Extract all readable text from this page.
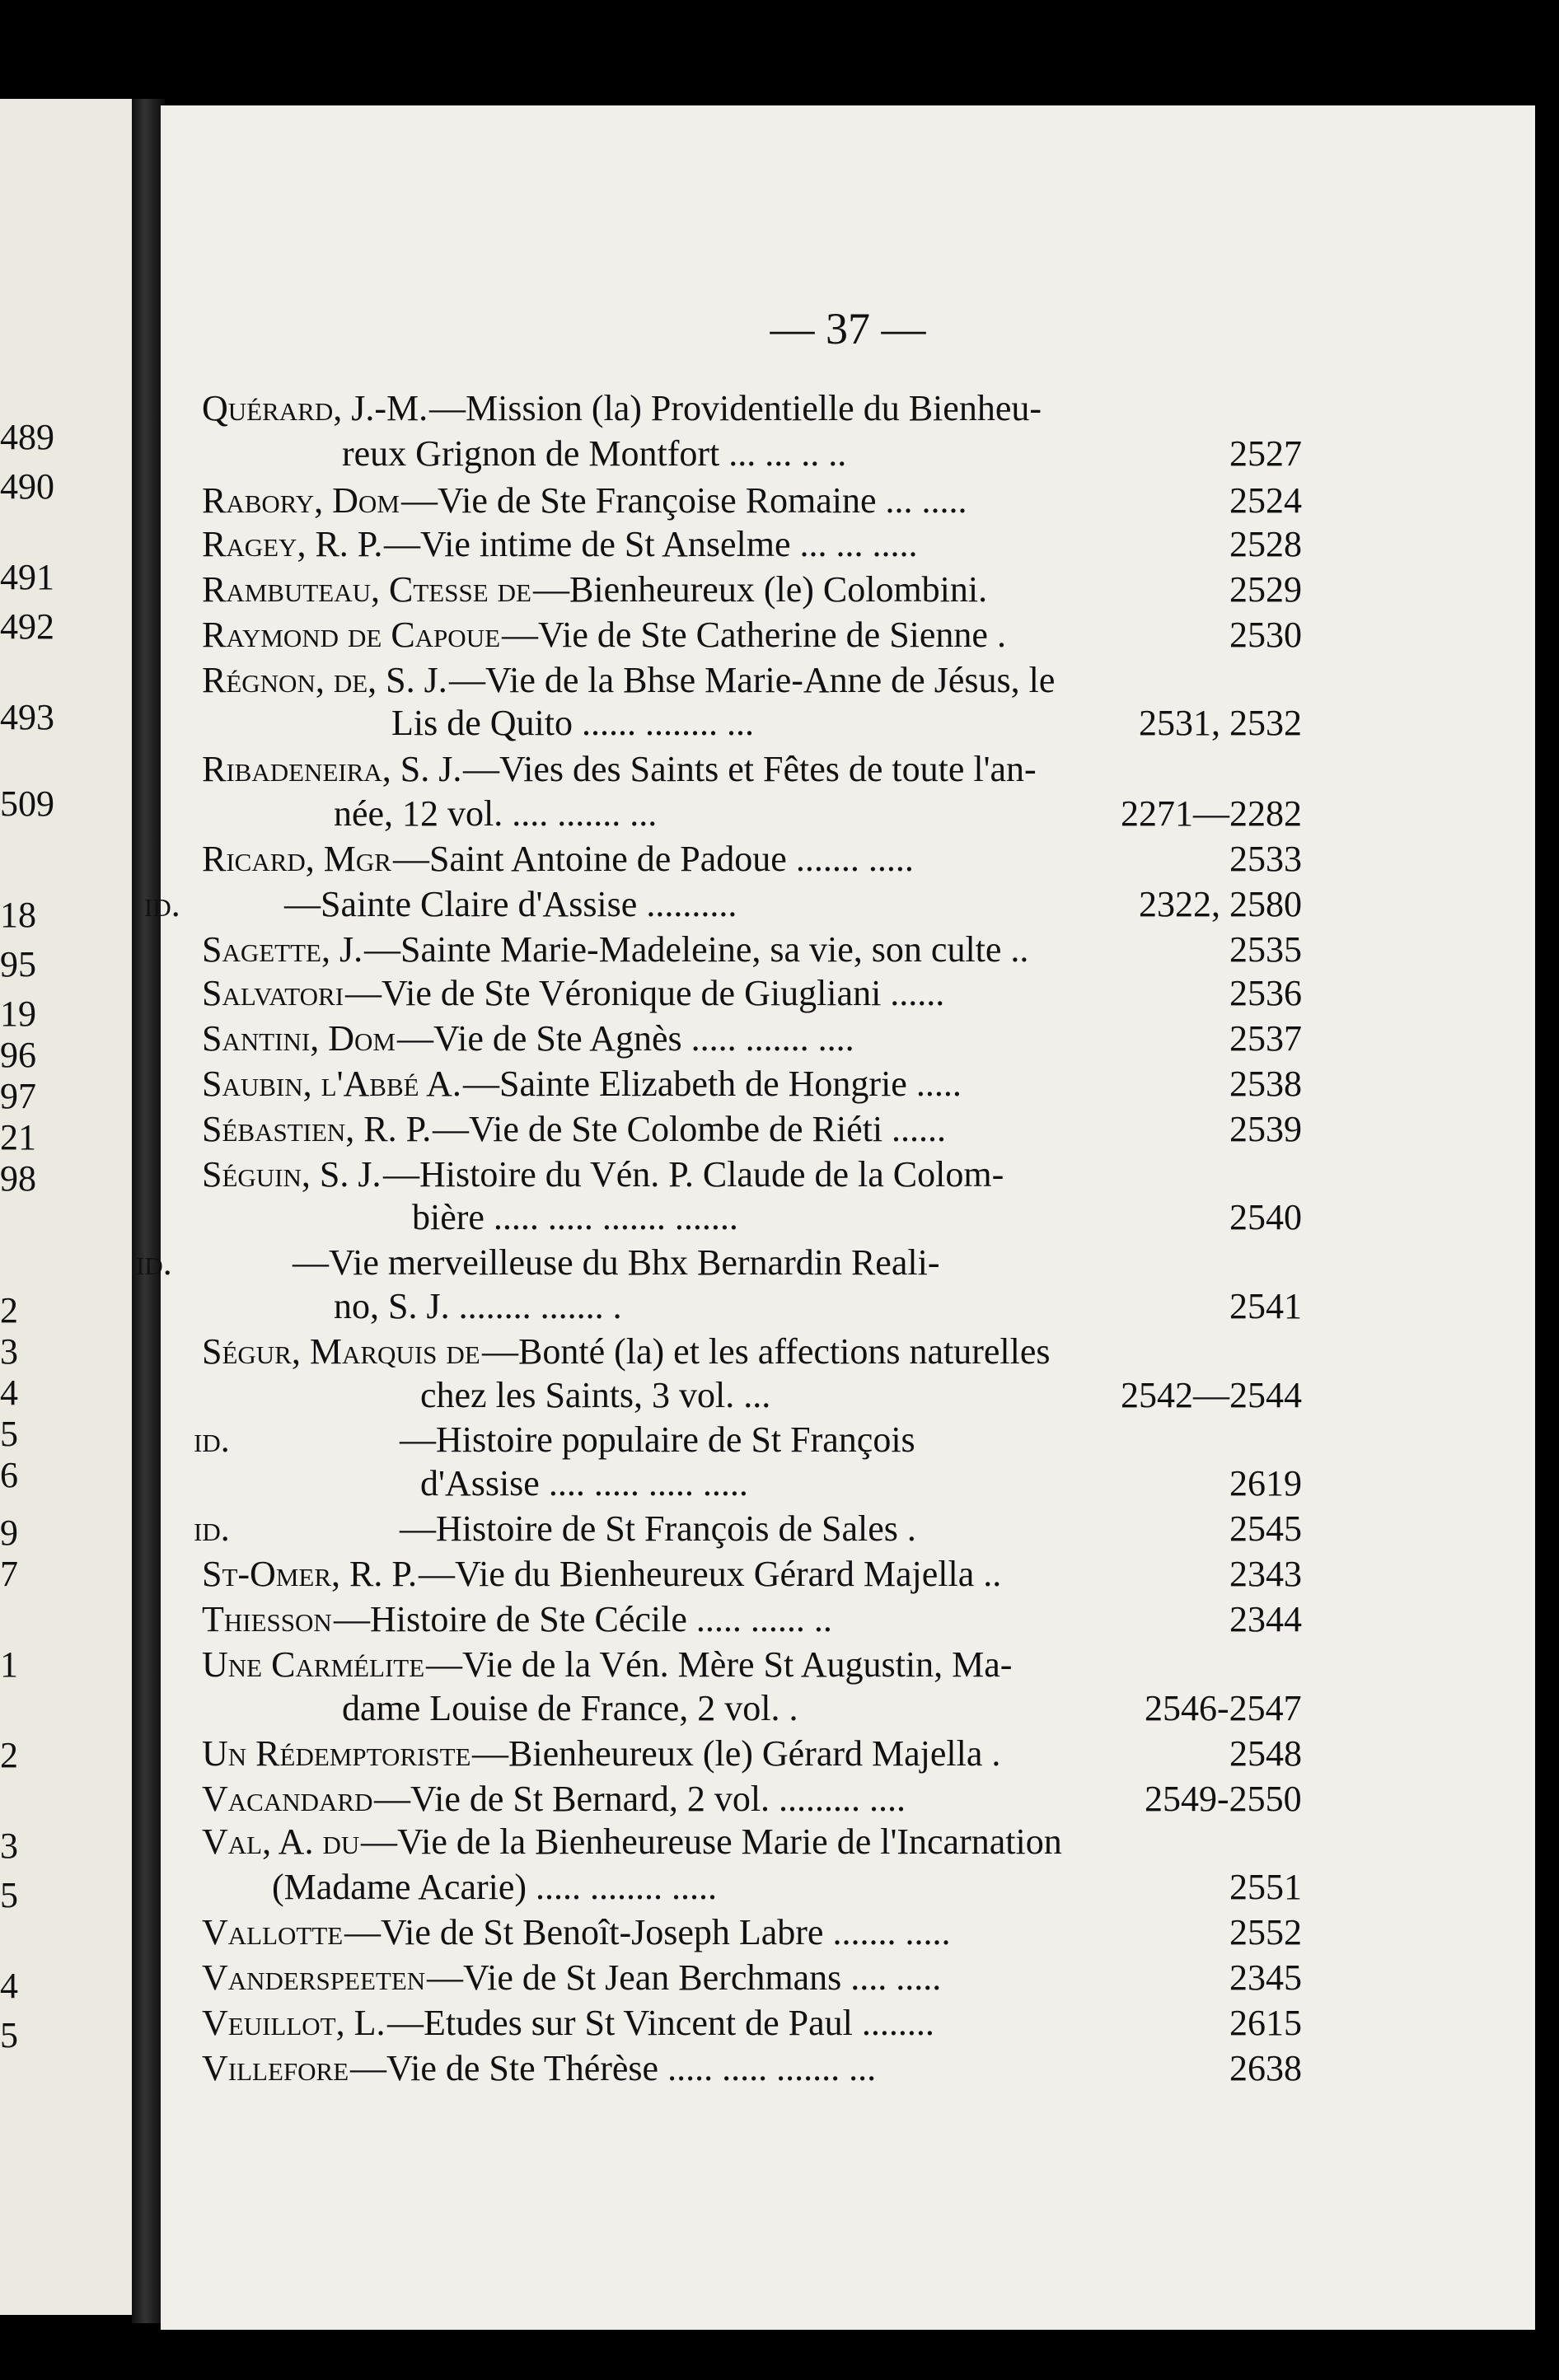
489
490
491
492
493
509
18
95
19
96
97
21
98
2
3
4
5
6
9
7
1
2
3
5
4
5
— 37 —
Quérard, J.-M. —Mission (la) Providentielle du Bienheu-
reux Grignon de Montfort ... ... .. ..	2527
Rabory, Dom —Vie de Ste Françoise Romaine ... .....	2524
Ragey, R. P. —Vie intime de St Anselme ... ... .....	2528
Rambuteau, Ctesse de —Bienheureux (le) Colombini.	2529
Raymond de Capoue —Vie de Ste Catherine de Sienne .	2530
Régnon, de, S. J. —Vie de la Bhse Marie-Anne de Jésus, le
Lis de Quito ...... ........ ...	2531, 2532
Ribadeneira, S. J. —Vies des Saints et Fêtes de toute l'an-
née, 12 vol. .... ....... ...	2271—2282
Ricard, Mgr —Saint Antoine de Padoue ....... .....	2533
id.	—Sainte Claire d'Assise ..........	2322, 2580
Sagette, J. —Sainte Marie-Madeleine, sa vie, son culte ..	2535
Salvatori —Vie de Ste Véronique de Giugliani ......	2536
Santini, Dom —Vie de Ste Agnès ..... ....... ....	2537
Saubin, l'Abbé A. —Sainte Elizabeth de Hongrie .....	2538
Sébastien, R. P. —Vie de Ste Colombe de Riéti ......	2539
Séguin, S. J. —Histoire du Vén. P. Claude de la Colom-
bière ..... ..... ....... .......	2540
id.	—Vie merveilleuse du Bhx Bernardin Reali-
no, S. J. ........ ....... .	2541
Ségur, Marquis de —Bonté (la) et les affections naturelles
chez les Saints, 3 vol. ...	2542—2544
id.	—Histoire populaire de St François
d'Assise .... ..... ..... .....	2619
id.	—Histoire de St François de Sales .	2545
St-Omer, R. P. —Vie du Bienheureux Gérard Majella ..	2343
Thiesson —Histoire de Ste Cécile ..... ...... ..	2344
Une Carmélite —Vie de la Vén. Mère St Augustin, Ma-
dame Louise de France, 2 vol. .	2546-2547
Un Rédemptoriste —Bienheureux (le) Gérard Majella .	2548
Vacandard —Vie de St Bernard, 2 vol. ......... ....	2549-2550
Val, A. du —Vie de la Bienheureuse Marie de l'Incarnation
(Madame Acarie) ..... ........ .....	2551
Vallotte —Vie de St Benoît-Joseph Labre ....... .....	2552
Vanderspeeten —Vie de St Jean Berchmans .... .....	2345
Veuillot, L. —Etudes sur St Vincent de Paul ........	2615
Villefore —Vie de Ste Thérèse ..... ..... ....... ...	2638
